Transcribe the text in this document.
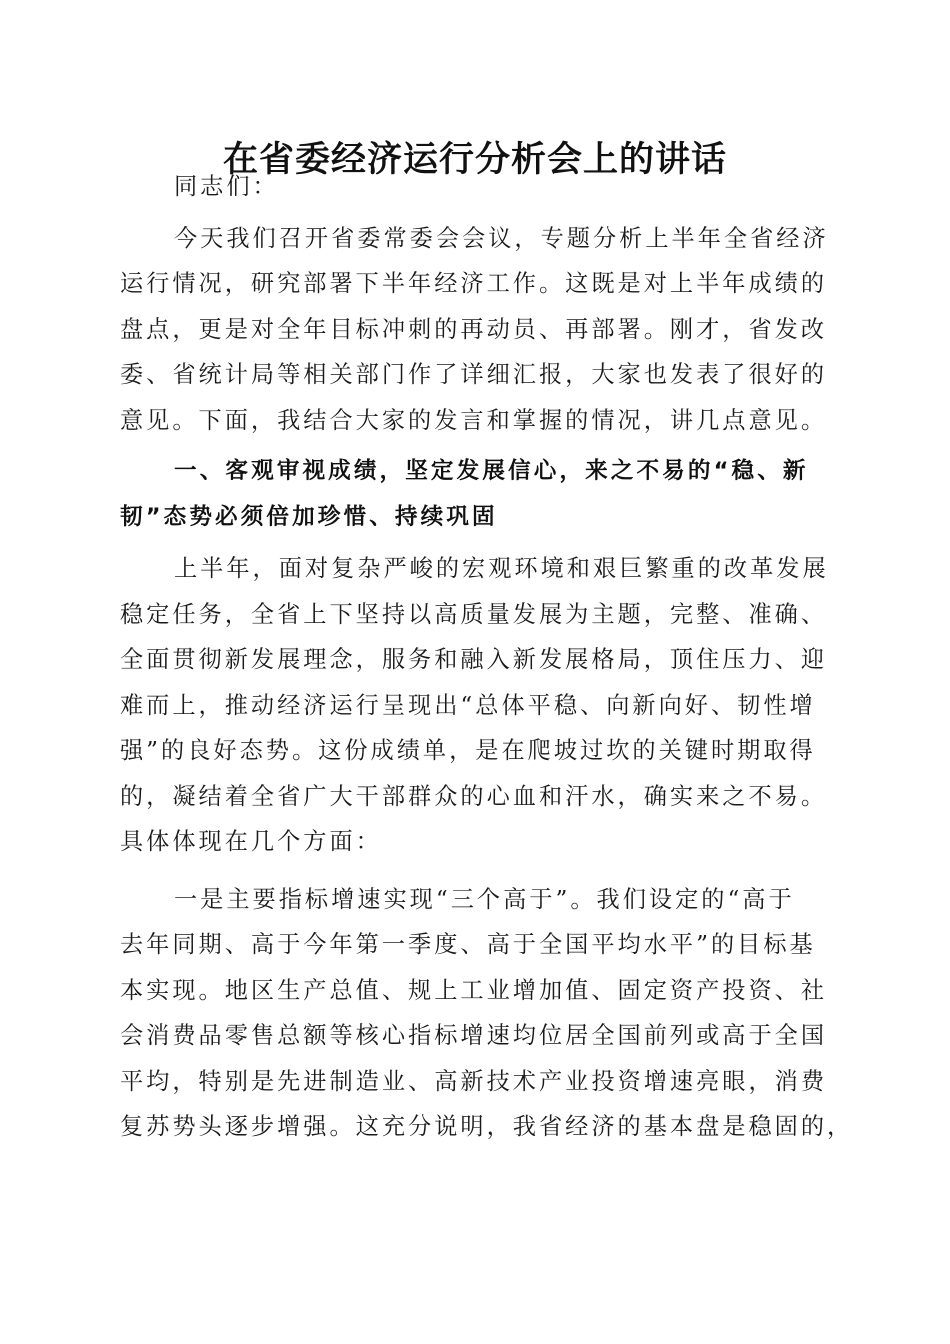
在省委经济运行分析会上的讲话
同志们：
今天我们召开省委常委会会议，专题分析上半年全省经济
运行情况，研究部署下半年经济工作。这既是对上半年成绩的
盘点，更是对全年目标冲刺的再动员、再部署。刚才，省发改
委、省统计局等相关部门作了详细汇报，大家也发表了很好的
意见。下面，我结合大家的发言和掌握的情况，讲几点意见。
一、客观审视成绩，坚定发展信心，来之不易的“稳、新
韧”态势必须倍加珍惜、持续巩固
上半年，面对复杂严峻的宏观环境和艰巨繁重的改革发展
稳定任务，全省上下坚持以高质量发展为主题，完整、准确、
全面贯彻新发展理念，服务和融入新发展格局，顶住压力、迎
难而上，推动经济运行呈现出“总体平稳、向新向好、韧性增
强”的良好态势。这份成绩单，是在爬坡过坎的关键时期取得
的，凝结着全省广大干部群众的心血和汗水，确实来之不易。
具体体现在几个方面：
一是主要指标增速实现“三个高于”。我们设定的“高于
去年同期、高于今年第一季度、高于全国平均水平”的目标基
本实现。地区生产总值、规上工业增加值、固定资产投资、社
会消费品零售总额等核心指标增速均位居全国前列或高于全国
平均，特别是先进制造业、高新技术产业投资增速亮眼，消费
复苏势头逐步增强。这充分说明，我省经济的基本盘是稳固的，
